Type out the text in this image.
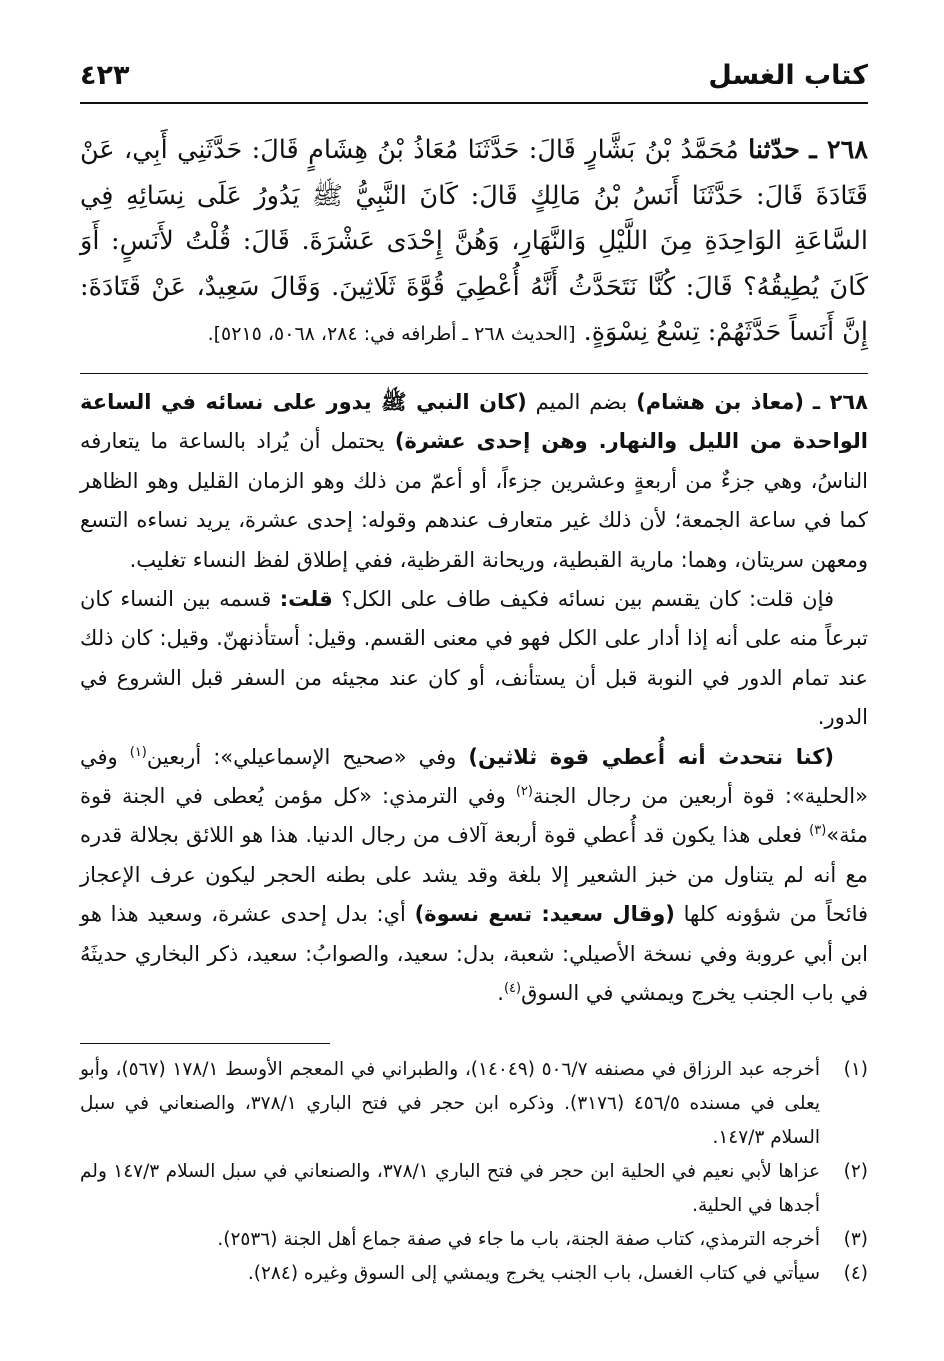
كتاب الغسل
٤٢٣
٢٦٨ ـ حدّثنا مُحَمَّدُ بْنُ بَشَّارٍ قَالَ: حَدَّثَنَا مُعَاذُ بْنُ هِشَامٍ قَالَ: حَدَّثَنِي أَبِي، عَنْ قَتَادَةَ قَالَ: حَدَّثَنَا أَنَسُ بْنُ مَالِكٍ قَالَ: كَانَ النَّبِيُّ ﷺ يَدُورُ عَلَى نِسَائِهِ فِي السَّاعَةِ الوَاحِدَةِ مِنَ اللَّيْلِ وَالنَّهَارِ، وَهُنَّ إِحْدَى عَشْرَةَ. قَالَ: قُلْتُ لأَنَسٍ: أَوَ كَانَ يُطِيقُهُ؟ قَالَ: كُنَّا نَتَحَدَّثُ أَنَّهُ أُعْطِيَ قُوَّةَ ثَلَاثِينَ. وَقَالَ سَعِيدٌ، عَنْ قَتَادَةَ: إِنَّ أَنَساً حَدَّثَهُمْ: تِسْعُ نِسْوَةٍ. [الحديث ٢٦٨ ـ أطرافه في: ٢٨٤، ٥٠٦٨، ٥٢١٥].

٢٦٨ ـ (معاذ بن هشام) بضم الميم (كان النبي ﷺ يدور على نسائه في الساعة الواحدة من الليل والنهار. وهن إحدى عشرة) يحتمل أن يُراد بالساعة ما يتعارفه الناسُ، وهي جزءٌ من أربعةٍ وعشرين جزءاً، أو أعمّ من ذلك وهو الزمان القليل وهو الظاهر كما في ساعة الجمعة؛ لأن ذلك غير متعارف عندهم وقوله: إحدى عشرة، يريد نساءه التسع ومعهن سريتان، وهما: مارية القبطية، وريحانة القرظية، ففي إطلاق لفظ النساء تغليب.

فإن قلت: كان يقسم بين نسائه فكيف طاف على الكل؟ قلت: قسمه بين النساء كان تبرعاً منه على أنه إذا أدار على الكل فهو في معنى القسم. وقيل: أستأذنهنّ. وقيل: كان ذلك عند تمام الدور في النوبة قبل أن يستأنف، أو كان عند مجيئه من السفر قبل الشروع في الدور.

(كنا نتحدث أنه أُعطي قوة ثلاثين) وفي «صحيح الإسماعيلي»: أربعين$^{(١)}$ وفي «الحلية»: قوة أربعين من رجال الجنة$^{(٢)}$ وفي الترمذي: «كل مؤمن يُعطى في الجنة قوة مئة»$^{(٣)}$ فعلى هذا يكون قد أُعطي قوة أربعة آلاف من رجال الدنيا. هذا هو اللائق بجلالة قدره مع أنه لم يتناول من خبز الشعير إلا بلغة وقد يشد على بطنه الحجر ليكون عرف الإعجاز فائحاً من شؤونه كلها (وقال سعيد: تسع نسوة) أي: بدل إحدى عشرة، وسعيد هذا هو ابن أبي عروبة وفي نسخة الأصيلي: شعبة، بدل: سعيد، والصوابُ: سعيد، ذكر البخاري حديثَهُ في باب الجنب يخرج ويمشي في السوق$^{(٤)}$.

(١)
أخرجه عبد الرزاق في مصنفه ٥٠٦/٧ (١٤٠٤٩)، والطبراني في المعجم الأوسط ١٧٨/١ (٥٦٧)، وأبو يعلى في مسنده ٤٥٦/٥ (٣١٧٦). وذكره ابن حجر في فتح الباري ٣٧٨/١، والصنعاني في سبل السلام ١٤٧/٣.
(٢)
عزاها لأبي نعيم في الحلية ابن حجر في فتح الباري ٣٧٨/١، والصنعاني في سبل السلام ١٤٧/٣ ولم أجدها في الحلية.
(٣)
أخرجه الترمذي، كتاب صفة الجنة، باب ما جاء في صفة جماع أهل الجنة (٢٥٣٦).
(٤)
سيأتي في كتاب الغسل، باب الجنب يخرج ويمشي إلى السوق وغيره (٢٨٤).
